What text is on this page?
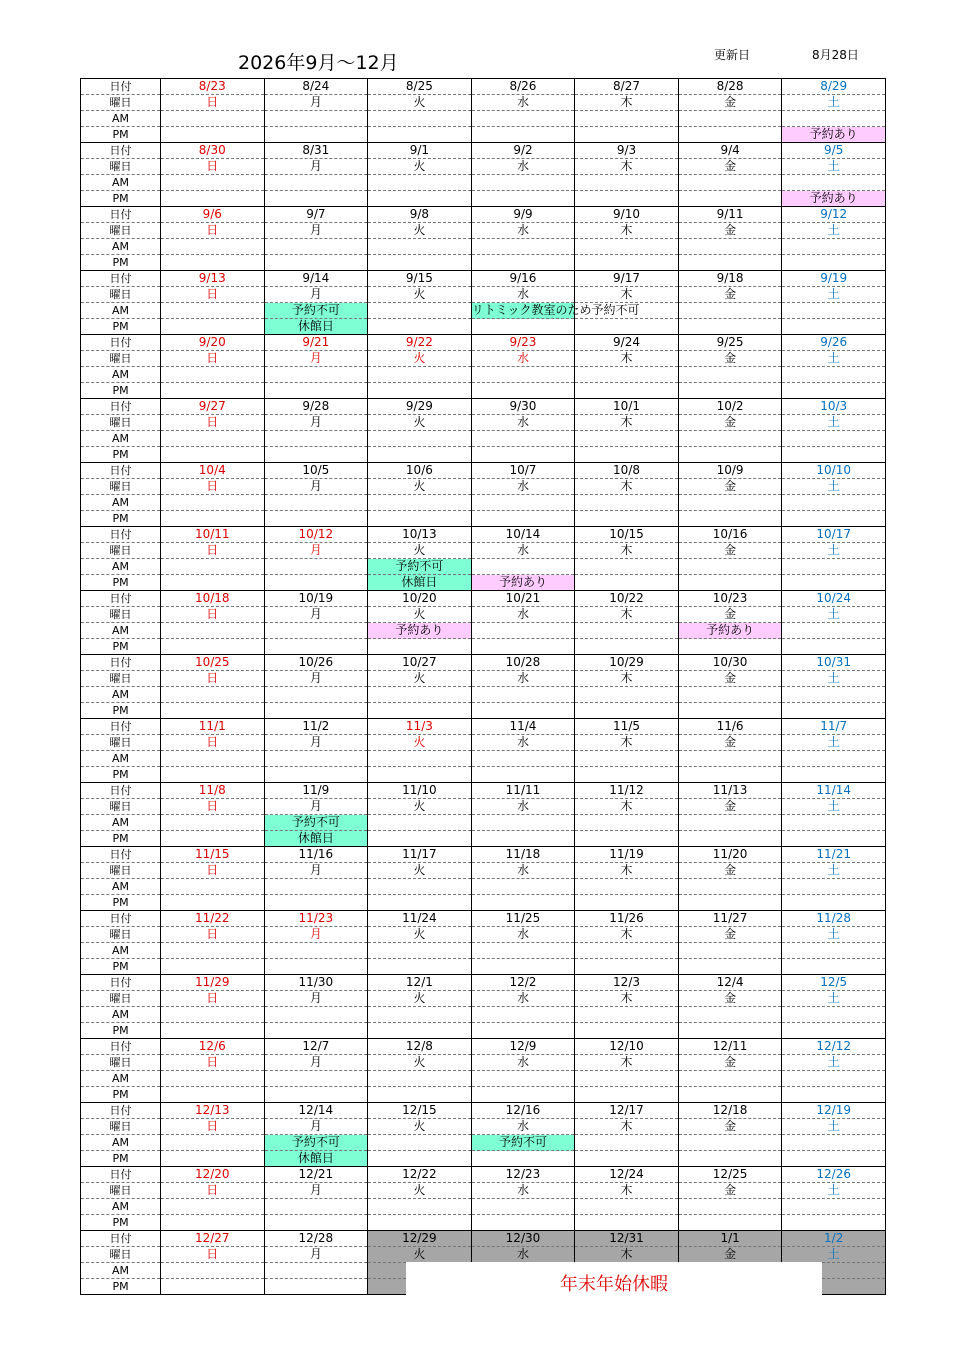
2026年9月〜12月	更新日	8月28日
日付	8/23	8/24	8/25	8/26	8/27	8/28	8/29
曜日	日	月	火	水	木	金	土
AM							
PM							予約あり
日付	8/30	8/31	9/1	9/2	9/3	9/4	9/5
曜日	日	月	火	水	木	金	土
AM							
PM							予約あり
日付	9/6	9/7	9/8	9/9	9/10	9/11	9/12
曜日	日	月	火	水	木	金	土
AM							
PM							
日付	9/13	9/14	9/15	9/16	9/17	9/18	9/19
曜日	日	月	火	水	木	金	土
AM		予約不可		リトミック教室のため予約不可			
PM		休館日					
日付	9/20	9/21	9/22	9/23	9/24	9/25	9/26
曜日	日	月	火	水	木	金	土
AM							
PM							
日付	9/27	9/28	9/29	9/30	10/1	10/2	10/3
曜日	日	月	火	水	木	金	土
AM							
PM							
日付	10/4	10/5	10/6	10/7	10/8	10/9	10/10
曜日	日	月	火	水	木	金	土
AM							
PM							
日付	10/11	10/12	10/13	10/14	10/15	10/16	10/17
曜日	日	月	火	水	木	金	土
AM			予約不可				
PM			休館日	予約あり			
日付	10/18	10/19	10/20	10/21	10/22	10/23	10/24
曜日	日	月	火	水	木	金	土
AM			予約あり			予約あり	
PM							
日付	10/25	10/26	10/27	10/28	10/29	10/30	10/31
曜日	日	月	火	水	木	金	土
AM							
PM							
日付	11/1	11/2	11/3	11/4	11/5	11/6	11/7
曜日	日	月	火	水	木	金	土
AM							
PM							
日付	11/8	11/9	11/10	11/11	11/12	11/13	11/14
曜日	日	月	火	水	木	金	土
AM		予約不可					
PM		休館日					
日付	11/15	11/16	11/17	11/18	11/19	11/20	11/21
曜日	日	月	火	水	木	金	土
AM							
PM							
日付	11/22	11/23	11/24	11/25	11/26	11/27	11/28
曜日	日	月	火	水	木	金	土
AM							
PM							
日付	11/29	11/30	12/1	12/2	12/3	12/4	12/5
曜日	日	月	火	水	木	金	土
AM							
PM							
日付	12/6	12/7	12/8	12/9	12/10	12/11	12/12
曜日	日	月	火	水	木	金	土
AM							
PM							
日付	12/13	12/14	12/15	12/16	12/17	12/18	12/19
曜日	日	月	火	水	木	金	土
AM		予約不可		予約不可			
PM		休館日					
日付	12/20	12/21	12/22	12/23	12/24	12/25	12/26
曜日	日	月	火	水	木	金	土
AM							
PM							
日付	12/27	12/28	12/29	12/30	12/31	1/1	1/2
曜日	日	月	火	水	木	金	土
AM							
PM								年末年始休暇
